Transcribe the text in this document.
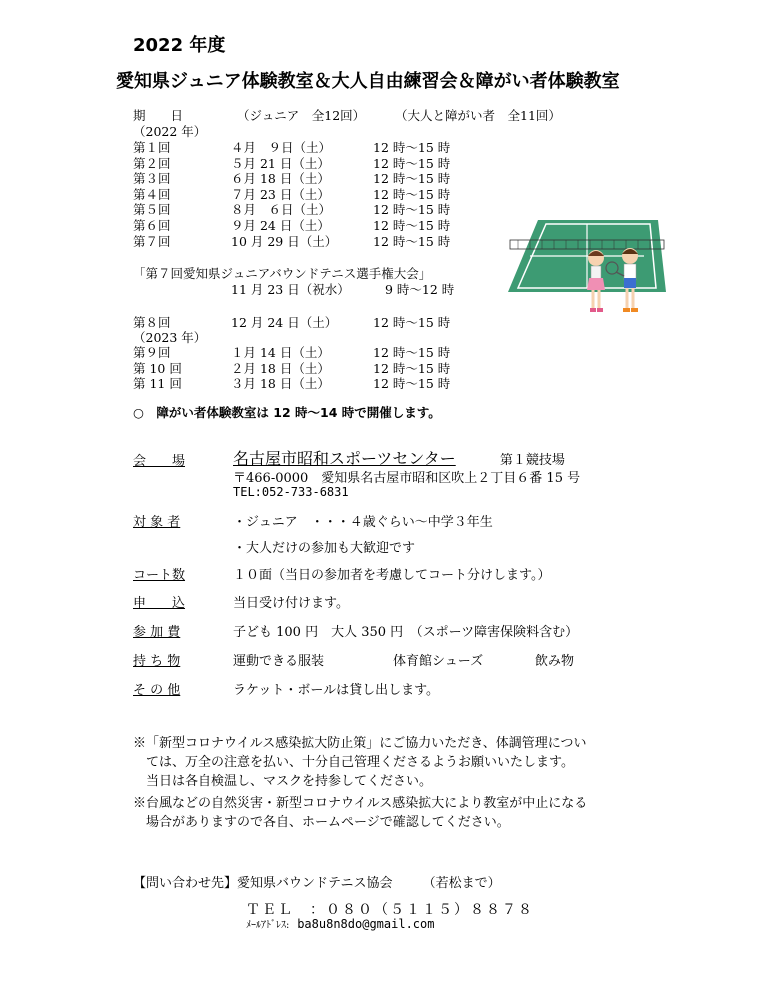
2022 年度
愛知県ジュニア体験教室＆大人自由練習会＆障がい者体験教室
期　　日	（ジュニア　全12回） （大人と障がい者　全11回）
（2022 年）
第１回	４月　９日（土）	12 時～15 時
第２回	５月 21 日（土）	12 時～15 時
第３回	６月 18 日（土）	12 時～15 時
第４回	７月 23 日（土）	12 時～15 時
第５回	８月　６日（土）	12 時～15 時
第６回	９月 24 日（土）	12 時～15 時
第７回	10 月 29 日（土）	12 時～15 時
「第７回愛知県ジュニアバウンドテニス選手権大会」
11 月 23 日（祝水）	9 時～12 時
第８回	12 月 24 日（土）	12 時～15 時
（2023 年）
第９回	１月 14 日（土）	12 時～15 時
第 10 回	２月 18 日（土）	12 時～15 時
第 11 回	３月 18 日（土）	12 時～15 時
○　障がい者体験教室は 12 時～14 時で開催します。
会　　場	名古屋市昭和スポーツセンター	第１競技場
〒466-0000　愛知県名古屋市昭和区吹上２丁目６番 15 号
TEL:052-733-6831
対 象 者	・ジュニア　・・・４歳ぐらい～中学３年生
・大人だけの参加も大歓迎です
コート数	１０面（当日の参加者を考慮してコート分けします。）
申　　込	当日受け付けます。
参 加 費	子ども 100 円　大人 350 円　（スポーツ障害保険料含む）
持 ち 物	運動できる服装	体育館シューズ	飲み物
そ の 他	ラケット・ボールは貸し出します。
※「新型コロナウイルス感染拡大防止策」にご協力いただき、体調管理につい
　ては、万全の注意を払い、十分自己管理くださるようお願いいたします。
　当日は各自検温し、マスクを持参してください。
※台風などの自然災害・新型コロナウイルス感染拡大により教室が中止になる
　場合がありますので各自、ホームページで確認してください。
【問い合わせ先】愛知県バウンドテニス協会 （若松まで）
ＴＥＬ　：０８０（５１１５）８８７８
ﾒｰﾙｱﾄﾞﾚｽ: ba8u8n8do@gmail.com
